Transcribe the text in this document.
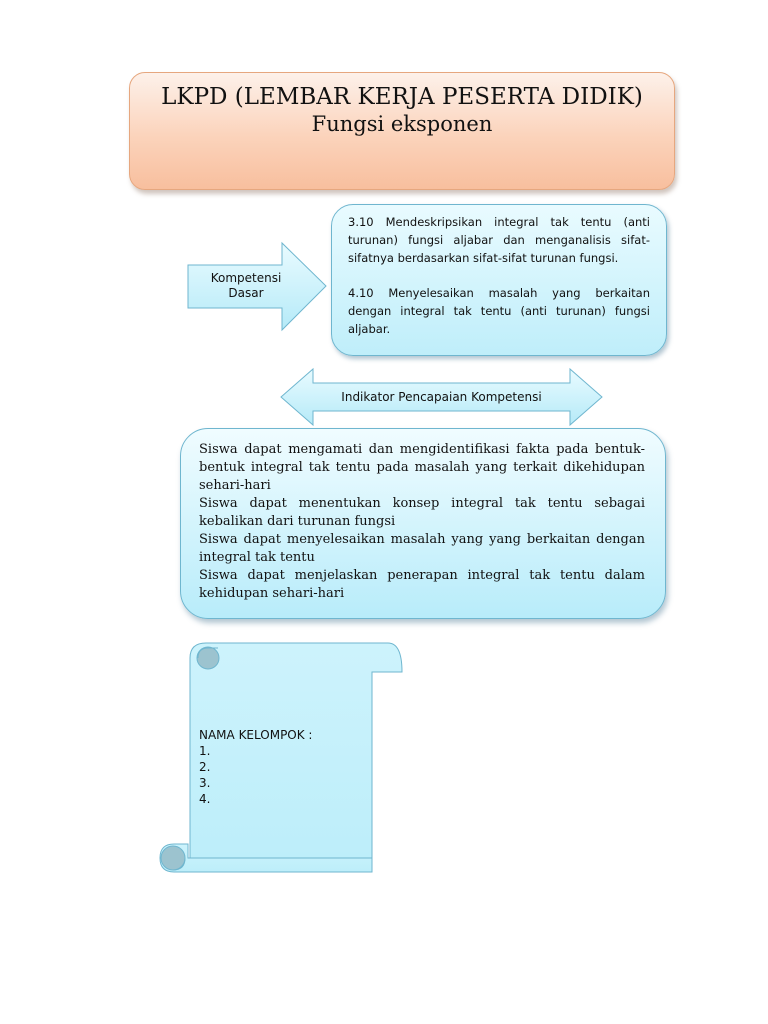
LKPD (LEMBAR KERJA PESERTA DIDIK)
Fungsi eksponen
Kompetensi
Dasar

3.10 Mendeskripsikan integral tak tentu (anti turunan) fungsi aljabar dan menganalisis sifat-sifatnya berdasarkan sifat-sifat turunan fungsi.

4.10 Menyelesaikan masalah yang berkaitan dengan integral tak tentu (anti turunan) fungsi aljabar.

Indikator Pencapaian Kompetensi

Siswa dapat mengamati dan mengidentifikasi fakta pada bentuk-bentuk integral tak tentu pada masalah yang terkait dikehidupan sehari-hari

Siswa dapat menentukan konsep integral tak tentu sebagai kebalikan dari turunan fungsi

Siswa dapat menyelesaikan masalah yang yang berkaitan dengan integral tak tentu

Siswa dapat menjelaskan penerapan integral tak tentu dalam kehidupan sehari-hari

NAMA KELOMPOK :
1.
2.
3.
4.
